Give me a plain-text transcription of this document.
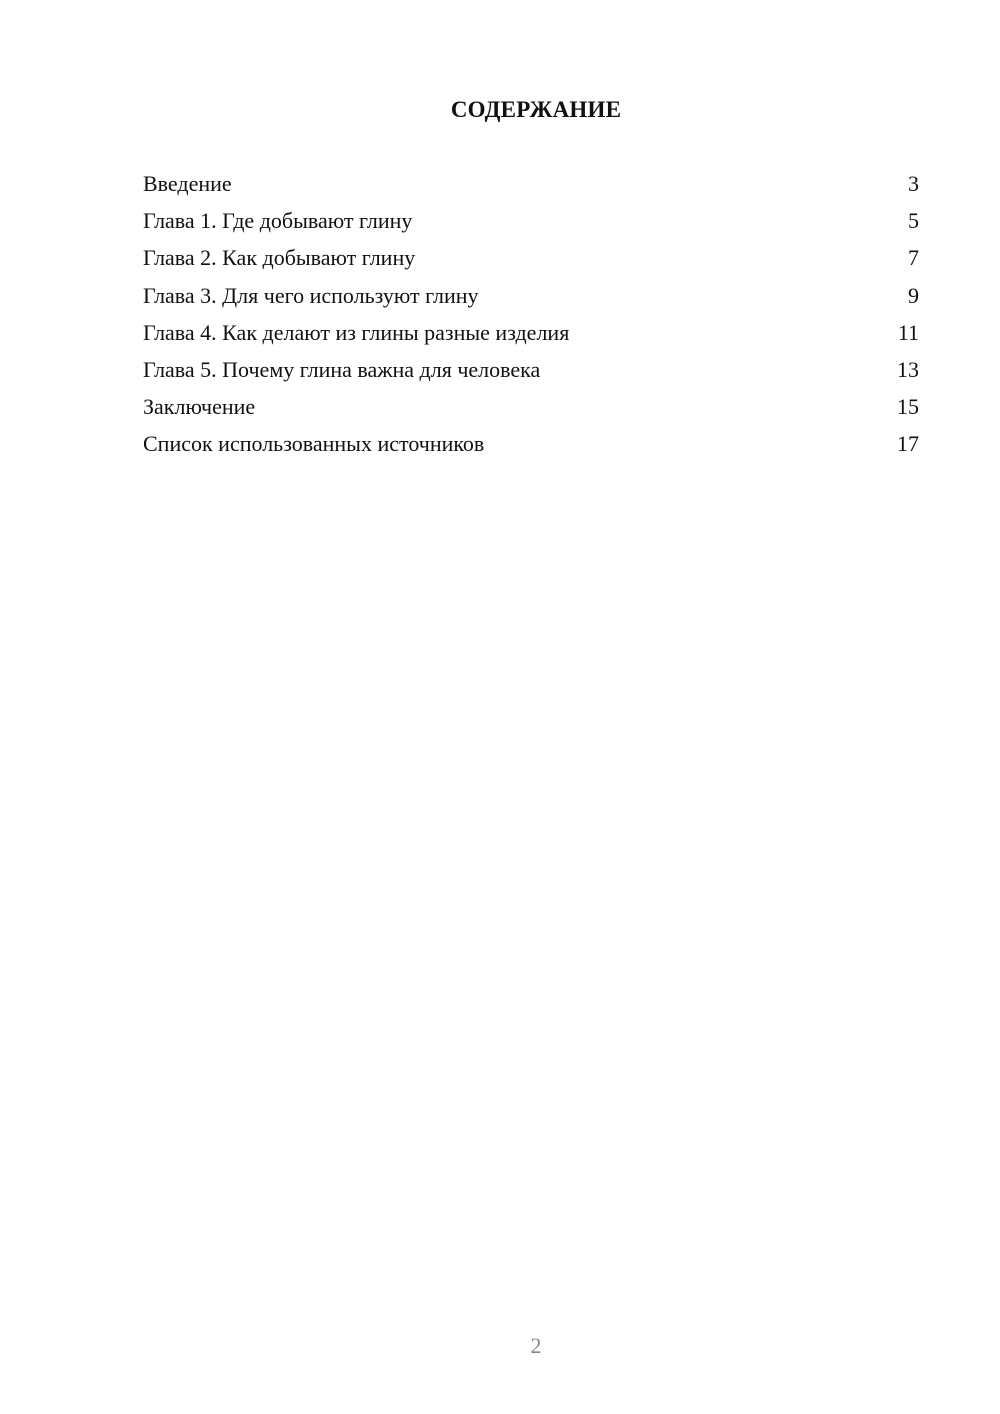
СОДЕРЖАНИЕ
Введение	3
Глава 1. Где добывают глину	5
Глава 2. Как добывают глину	7
Глава 3. Для чего используют глину	9
Глава 4. Как делают из глины разные изделия	11
Глава 5. Почему глина важна для человека	13
Заключение	15
Список использованных источников	17
2
